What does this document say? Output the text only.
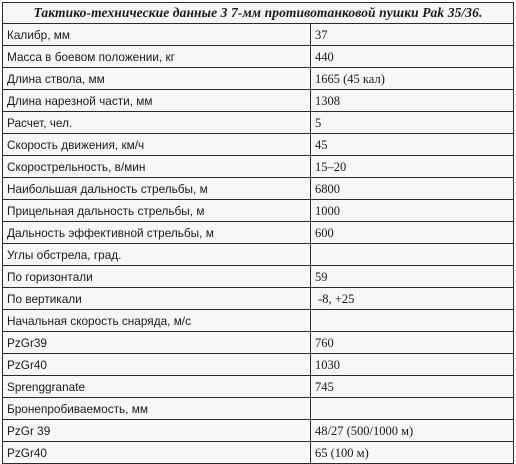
Тактико-технические данные 3 7-мм противотанковой пушки Pak 35/36.	
Калибр, мм	37
Масса в боевом положении, кг	440
Длина ствола, мм	1665 (45 кал)
Длина нарезной части, мм	1308
Расчет, чел.	5
Скорость движения, км/ч	45
Скорострельность, в/мин	15–20
Наибольшая дальность стрельбы, м	6800
Прицельная дальность стрельбы, м	1000
Дальность эффективной стрельбы, м	600
Углы обстрела, град.	
По горизонтали	59
По вертикали	-8, +25
Начальная скорость снаряда, м/с	
PzGr39	760
PzGr40	1030
Sprenggranate	745
Бронепробиваемость, мм	
PzGr 39	48/27 (500/1000 м)
PzGr40	65 (100 м)
